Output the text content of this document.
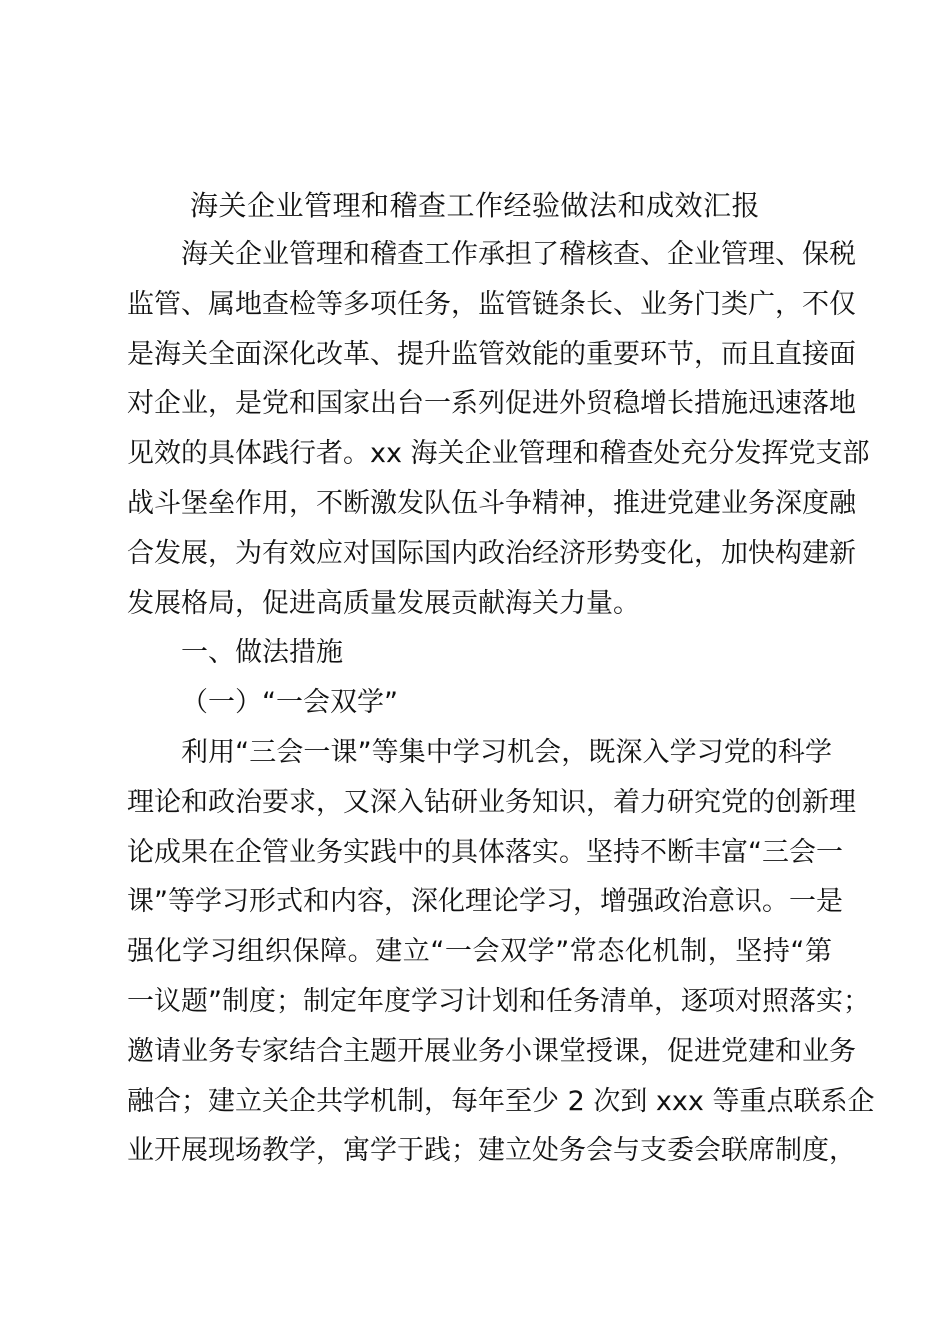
海关企业管理和稽查工作经验做法和成效汇报
海关企业管理和稽查工作承担了稽核查、企业管理、保税
监管、属地查检等多项任务，监管链条长、业务门类广，不仅
是海关全面深化改革、提升监管效能的重要环节，而且直接面
对企业，是党和国家出台一系列促进外贸稳增长措施迅速落地
见效的具体践行者。xx 海关企业管理和稽查处充分发挥党支部
战斗堡垒作用，不断激发队伍斗争精神，推进党建业务深度融
合发展，为有效应对国际国内政治经济形势变化，加快构建新
发展格局，促进高质量发展贡献海关力量。
一、做法措施
（一）“一会双学”
利用“三会一课”等集中学习机会，既深入学习党的科学
理论和政治要求，又深入钻研业务知识，着力研究党的创新理
论成果在企管业务实践中的具体落实。坚持不断丰富“三会一
课”等学习形式和内容，深化理论学习，增强政治意识。一是
强化学习组织保障。建立“一会双学”常态化机制，坚持“第
一议题”制度；制定年度学习计划和任务清单，逐项对照落实；
邀请业务专家结合主题开展业务小课堂授课，促进党建和业务
融合；建立关企共学机制，每年至少 2 次到 xxx 等重点联系企
业开展现场教学，寓学于践；建立处务会与支委会联席制度，
